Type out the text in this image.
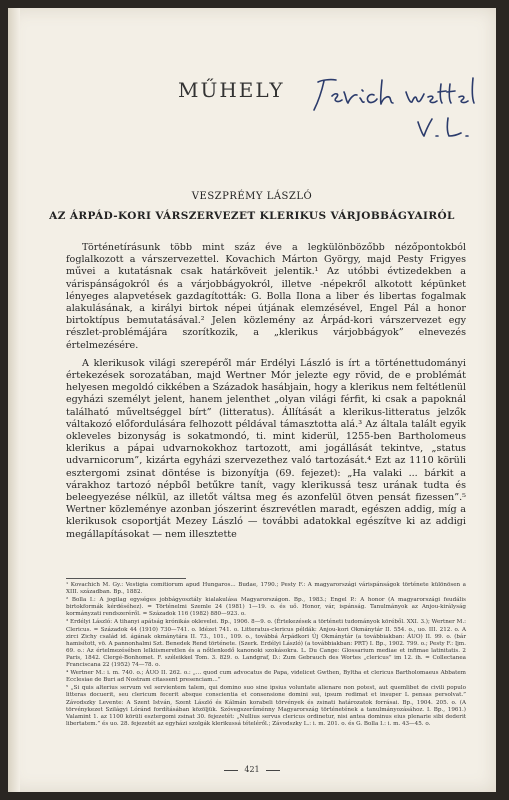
MŰHELY
VESZPRÉMY LÁSZLÓ
AZ ÁRPÁD-KORI VÁRSZERVEZET KLERIKUS VÁRJOBBÁGYAIRÓL

Történetírásunk több mint száz éve a legkülönbözőbb nézőpontokból foglalkozott a várszervezettel. Kovachich Márton György, majd Pesty Frigyes művei a kutatásnak csak határköveit jelentik.¹ Az utóbbi évtizedekben a várispánságokról és a várjobbágyokról, illetve -népekről alkotott képünket lényeges alapvetések gazdagították: G. Bolla Ilona a liber és libertas fogalmak alakulásának, a királyi birtok népei útjának elemzésével, Engel Pál a honor birtoktípus bemutatásával.² Jelen közlemény az Árpád-kori várszervezet egy részlet-problémájára szorítkozik, a „klerikus várjobbágyok” elnevezés értelmezésére.

A klerikusok világi szerepéről már Erdélyi László is írt a történettudományi értekezések sorozatában, majd Wertner Mór jelezte egy rövid, de e problémát helyesen megoldó cikkében a Századok hasábjain, hogy a klerikus nem feltétlenül egyházi személyt jelent, hanem jelenthet „olyan világi férfit, ki csak a papoknál található műveltséggel bírt” (litteratus). Állítását a klerikus-litteratus jelzők váltakozó előfordulására felhozott példával támasztotta alá.³ Az általa talált egyik okleveles bizonyság is sokatmondó, ti. mint kiderül, 1255-ben Bartholomeus klerikus a pápai udvarnokokhoz tartozott, ami jogállását tekintve, „status udvarnicorum”, kizárta egyházi szervezethez való tartozását.⁴ Ezt az 1110 körüli esztergomi zsinat döntése is bizonyítja (69. fejezet): „Ha valaki ... bárkit a várakhoz tartozó népből betűkre tanít, vagy klerikussá tesz urának tudta és beleegyezése nélkül, az illetőt váltsa meg és azonfelül ötven pensát fizessen”.⁵ Wertner közleménye azonban jószerint észrevétlen maradt, egészen addig, míg a klerikusok csoportját Mezey László — további adatokkal egészítve ki az addigi megállapításokat — nem illesztette

¹ Kovachich M. Gy.: Vestigia comitiorum apud Hungaros... Budae, 1790.; Pesty F.: A magyarországi várispánságok története különösen a XIII. században. Bp., 1882.

² Bolla I.: A jogilag egységes jobbágyosztály kialakulása Magyarországon. Bp., 1983.; Engel P.: A honor (A magyarországi feudális birtokformák kérdéséhez). = Történelmi Szemle 24 (1981) 1—19. o. és uő. Honor, vár, ispánság. Tanulmányok az Anjou-királyság kormányzati rendszeréről. = Századok 116 (1982) 880—923. o.

³ Erdélyi László: A tihanyi apátság krónikás oklevelei. Bp., 1906. 8—9. o. (Értekezések a történeti tudományok köréből. XXI. 3.); Wertner M.: Clericus. = Századok 44 (1910) 730—741. o. Idézet 741. o. Litteratus-clericus példák: Anjou-kori Okmánytár II. 554. o., uo. III. 212. o. A zirci Zichy család id. ágának okmánytára II. 73., 101., 109. o., továbbá Árpádkori Új Okmánytár (a továbbiakban: ÁUO) II. 99. o. (bár hamisított, vö. A pannonhalmi Szt. Benedek Rend története. (Szerk. Erdélyi László) (a továbbiakban: PRT) I. Bp., 1902. 799. o.; Pesty F.: Ijm. 69. o.: Az értelmezésében lelkiismeretlen és a nőtlenkedő kanonoki szokásokra. L. Du Cange: Glossarium mediae et infimae latinitatis. 2 Paris, 1842. Clergé-Bonhomet. F. széleikkel Tom. 3. 829. o. Landgraf, D.: Zum Gebrauch des Wortes „clericus” im 12. ih. = Collectanea Franciscana 22 (1952) 74—78. o.

⁴ Wertner M.: i. m. 740. o.; ÁUO II. 262. o.: „... quod cum advocatus de Papa, videlicet Gwthen, Byltha et clericus Bartholomaeus Abbatem Ecclesiae de Buri ad Nostram citassent presenciam...”

⁵ „Si quis alterius servum vel servientem talem, qui domino suo sine ipsius voluntate alienare non potest, aut quemlibet de civili populo litteras docuerit, seu clericum fecerit absque conscientia et consensione domini sui, ipsum redimat et insuper L pensas persolvat.” Závodszky Levente: A Szent István, Szent László és Kálmán korabeli törvények és zsinati határozatok forrásai. Bp., 1904. 205. o. (A törvénykezet Szilágyi Lóránd fordításában közöljük. Szóvegszerűménny Magyarország történetének a tanulmányozásához. I. Bp., 1961.) Valamint 1. az 1100 körüli esztergomi zsinat 30. fejezetét: „Nullius servus clericus ordinetur, nisi antea dominus eius plenarie sibi dederit libertatem.” és uo. 28. fejezetét az egyházi szolgák klerikussá tételéről.; Závodszky L.: i. m. 201. o. és G. Bolla I.: i. m. 43—45. o.

421
